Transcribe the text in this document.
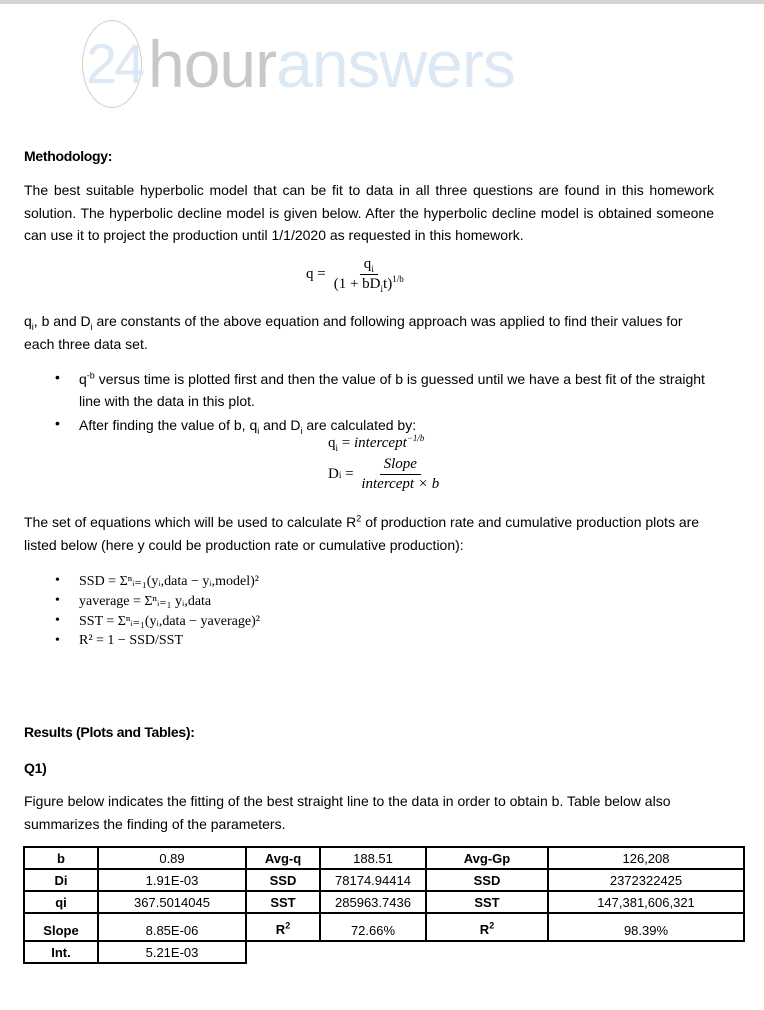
24 houranswers
Methodology:
The best suitable hyperbolic model that can be fit to data in all three questions are found in this homework solution. The hyperbolic decline model is given below. After the hyperbolic decline model is obtained someone can use it to project the production until 1/1/2020 as requested in this homework.
$q = \frac{q_i}{(1 + bD_it)^{1/b}}$
$q_i$, b and $D_i$ are constants of the above equation and following approach was applied to find their values for each three data set.
• $q^{-b}$ versus time is plotted first and then the value of b is guessed until we have a best fit of the straight line with the data in this plot.
• After finding the value of b, $q_i$ and $D_i$ are calculated by:
$q_i$ = intercept$^{-1/b}$
D $i = \frac{\text{Slope}}{\text{intercept × b}}$
The set of equations which will be used to calculate $R^2$ of production rate and cumulative production plots are listed below (here y could be production rate or cumulative production):
•	SSD = Σⁿᵢ₌₁(yᵢ,data − yᵢ,model)²
•	yaverage = Σⁿᵢ₌₁ yᵢ,data
•	SST = Σⁿᵢ₌₁(yᵢ,data − yaverage)²
•	R² = 1 − SSD/SST
Results (Plots and Tables):
Q1)
Figure below indicates the fitting of the best straight line to the data in order to obtain b. Table below also summarizes the finding of the parameters.
b	0.89	Avg-q	188.51	Avg-Gp	126,208
Di	1.91E-03	SSD	78174.94414	SSD	2372322425
qi	367.5014045	SST	285963.7436	SST	147,381,606,321
Slope	8.85E-06	$R^2$	72.66%	$R^2$	98.39%
Int.	5.21E-03				
